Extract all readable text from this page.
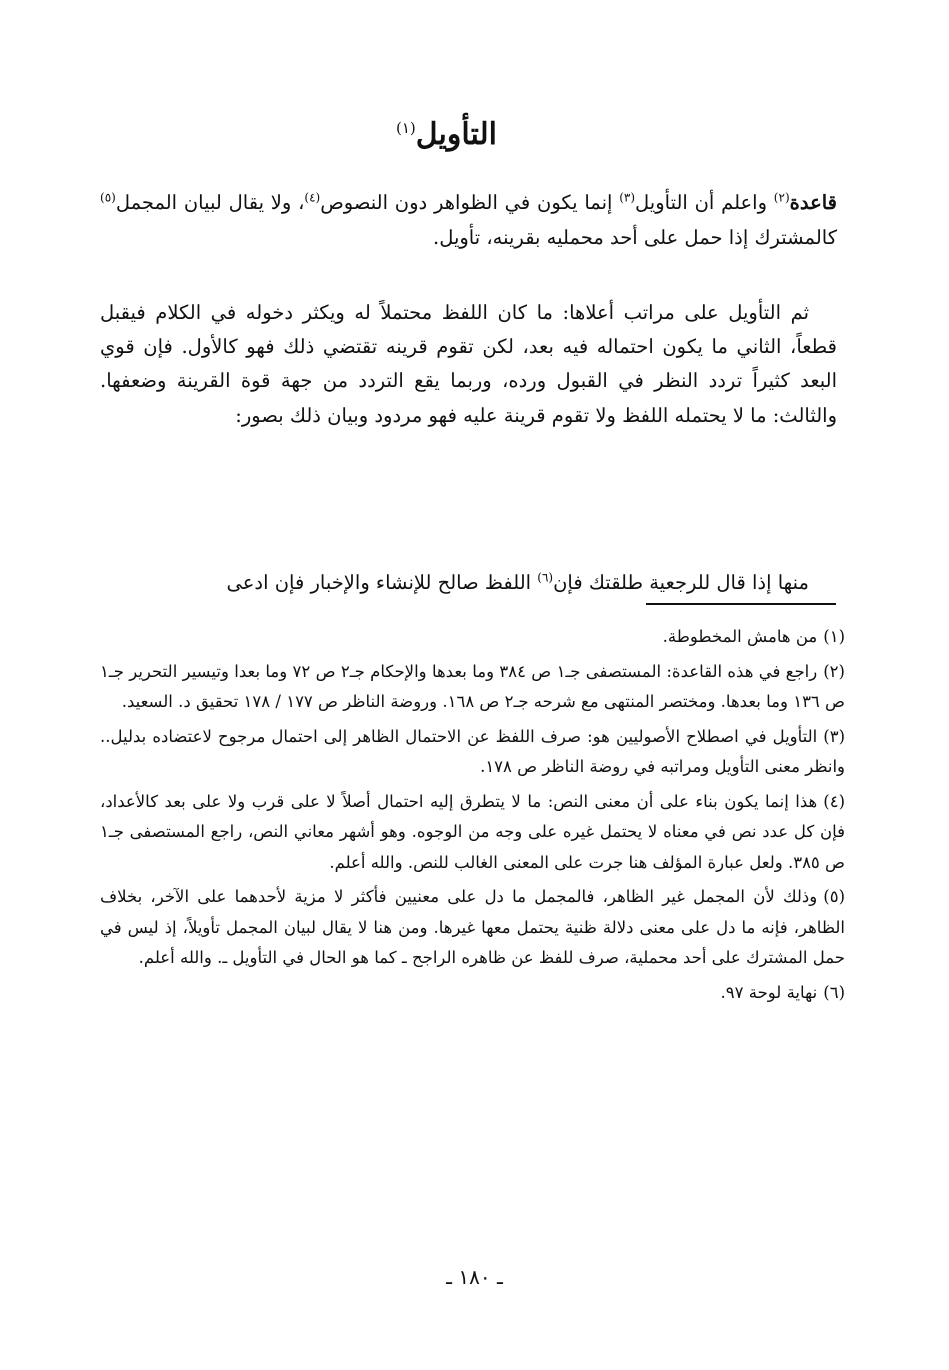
التأويل$^{(١)}$

قاعدة$^{(٢)}$ واعلم أن التأويل$^{(٣)}$ إنما يكون في الظواهر دون النصوص$^{(٤)}$، ولا يقال لبيان المجمل$^{(٥)}$ كالمشترك إذا حمل على أحد محمليه بقرينه، تأويل.

ثم التأويل على مراتب أعلاها: ما كان اللفظ محتملاً له ويكثر دخوله في الكلام فيقبل قطعاً، الثاني ما يكون احتماله فيه بعد، لكن تقوم قرينه تقتضي ذلك فهو كالأول. فإن قوي البعد كثيراً تردد النظر في القبول ورده، وربما يقع التردد من جهة قوة القرينة وضعفها. والثالث: ما لا يحتمله اللفظ ولا تقوم قرينة عليه فهو مردود وبيان ذلك بصور:

منها إذا قال للرجعية طلقتك فإن$^{(٦)}$ اللفظ صالح للإنشاء والإخبار فإن ادعى

(١)من هامش المخطوطة.

(٢)راجع في هذه القاعدة: المستصفى جـ١ ص ٣٨٤ وما بعدها والإحكام جـ٢ ص ٧٢ وما بعدا وتيسير التحرير جـ١ ص ١٣٦ وما بعدها. ومختصر المنتهى مع شرحه جـ٢ ص ١٦٨. وروضة الناظر ص ١٧٧ / ١٧٨ تحقيق د. السعيد.

(٣)التأويل في اصطلاح الأصوليين هو: صرف اللفظ عن الاحتمال الظاهر إلى احتمال مرجوح لاعتضاده بدليل.. وانظر معنى التأويل ومراتبه في روضة الناظر ص ١٧٨.

(٤)هذا إنما يكون بناء على أن معنى النص: ما لا يتطرق إليه احتمال أصلاً لا على قرب ولا على بعد كالأعداد، فإن كل عدد نص في معناه لا يحتمل غيره على وجه من الوجوه. وهو أشهر معاني النص، راجع المستصفى جـ١ ص ٣٨٥. ولعل عبارة المؤلف هنا جرت على المعنى الغالب للنص. والله أعلم.

(٥)وذلك لأن المجمل غير الظاهر، فالمجمل ما دل على معنيين فأكثر لا مزية لأحدهما على الآخر، بخلاف الظاهر، فإنه ما دل على معنى دلالة ظنية يحتمل معها غيرها. ومن هنا لا يقال لبيان المجمل تأويلاً، إذ ليس في حمل المشترك على أحد محملية، صرف للفظ عن ظاهره الراجح ـ كما هو الحال في التأويل ـ. والله أعلم.

(٦)نهاية لوحة ٩٧.

ـ ١٨٠ ـ
